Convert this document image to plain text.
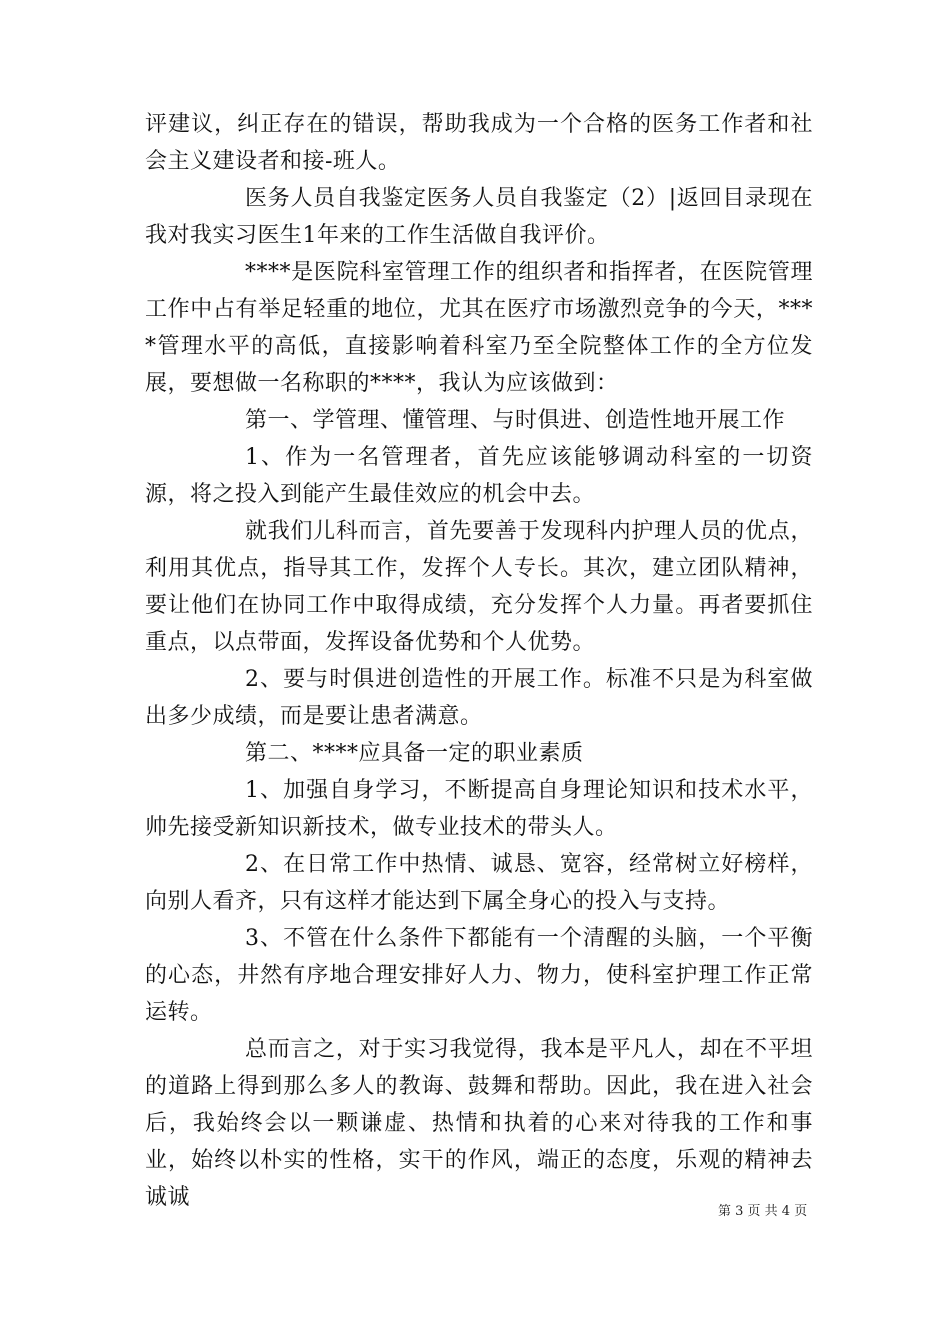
评建议，纠正存在的错误，帮助我成为一个合格的医务工作者和社会主义建设者和接-班人。

医务人员自我鉴定医务人员自我鉴定（2）|返回目录现在我对我实习医生1年来的工作生活做自我评价。

****是医院科室管理工作的组织者和指挥者，在医院管理工作中占有举足轻重的地位，尤其在医疗市场激烈竞争的今天，****管理水平的高低，直接影响着科室乃至全院整体工作的全方位发展，要想做一名称职的****，我认为应该做到：

第一、学管理、懂管理、与时俱进、创造性地开展工作

1、作为一名管理者，首先应该能够调动科室的一切资源，将之投入到能产生最佳效应的机会中去。

就我们儿科而言，首先要善于发现科内护理人员的优点，利用其优点，指导其工作，发挥个人专长。其次，建立团队精神，要让他们在协同工作中取得成绩，充分发挥个人力量。再者要抓住重点，以点带面，发挥设备优势和个人优势。

2、要与时俱进创造性的开展工作。标准不只是为科室做出多少成绩，而是要让患者满意。

第二、****应具备一定的职业素质

1、加强自身学习，不断提高自身理论知识和技术水平，帅先接受新知识新技术，做专业技术的带头人。

2、在日常工作中热情、诚恳、宽容，经常树立好榜样，向别人看齐，只有这样才能达到下属全身心的投入与支持。

3、不管在什么条件下都能有一个清醒的头脑，一个平衡的心态，井然有序地合理安排好人力、物力，使科室护理工作正常运转。

总而言之，对于实习我觉得，我本是平凡人，却在不平坦的道路上得到那么多人的教诲、鼓舞和帮助。因此，我在进入社会后，我始终会以一颗谦虚、热情和执着的心来对待我的工作和事业，始终以朴实的性格，实干的作风，端正的态度，乐观的精神去诚诚

第 3 页 共 4 页
